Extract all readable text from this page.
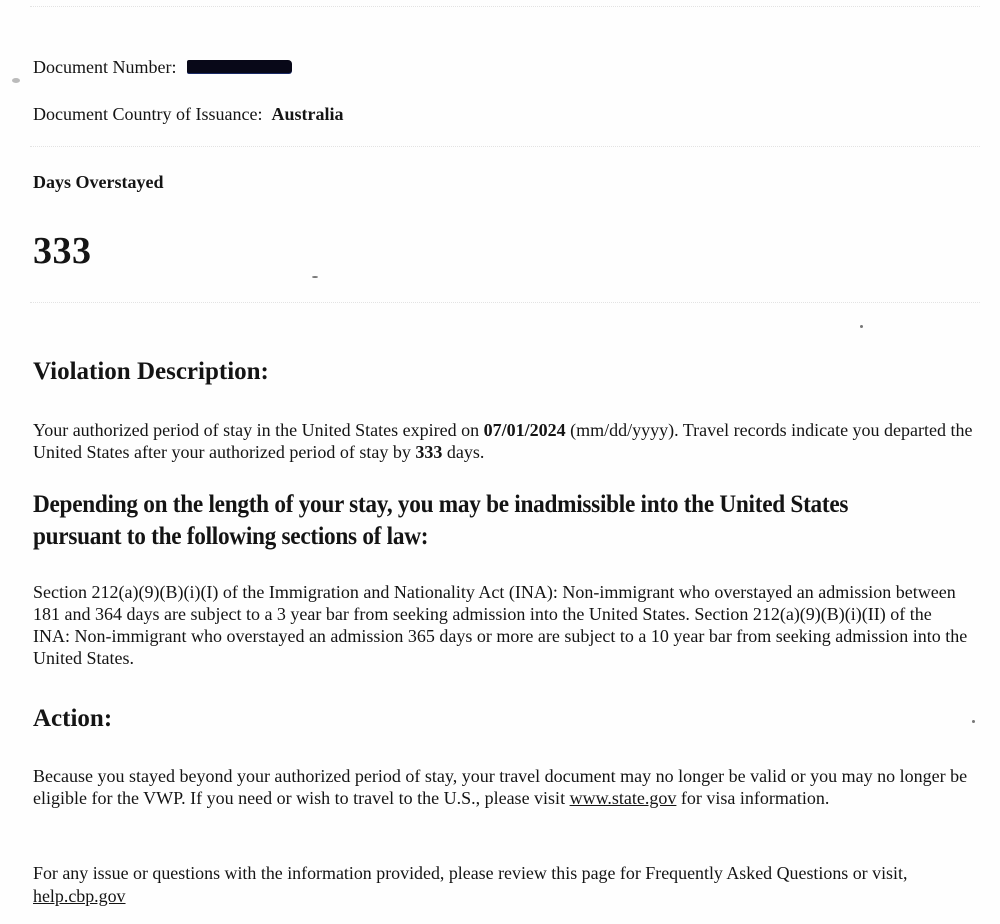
Document Number:
Document Country of Issuance: Australia
Days Overstayed
333
Violation Description:
Your authorized period of stay in the United States expired on 07/01/2024 (mm/dd/yyyy). Travel records indicate you departed the United States after your authorized period of stay by 333 days.
Depending on the length of your stay, you may be inadmissible into the United States pursuant to the following sections of law:
Section 212(a)(9)(B)(i)(I) of the Immigration and Nationality Act (INA): Non-immigrant who overstayed an admission between 181 and 364 days are subject to a 3 year bar from seeking admission into the United States. Section 212(a)(9)(B)(i)(II) of the INA: Non-immigrant who overstayed an admission 365 days or more are subject to a 10 year bar from seeking admission into the United States.
Action:
Because you stayed beyond your authorized period of stay, your travel document may no longer be valid or you may no longer be eligible for the VWP. If you need or wish to travel to the U.S., please visit www.state.gov for visa information.
For any issue or questions with the information provided, please review this page for Frequently Asked Questions or visit, help.cbp.gov
